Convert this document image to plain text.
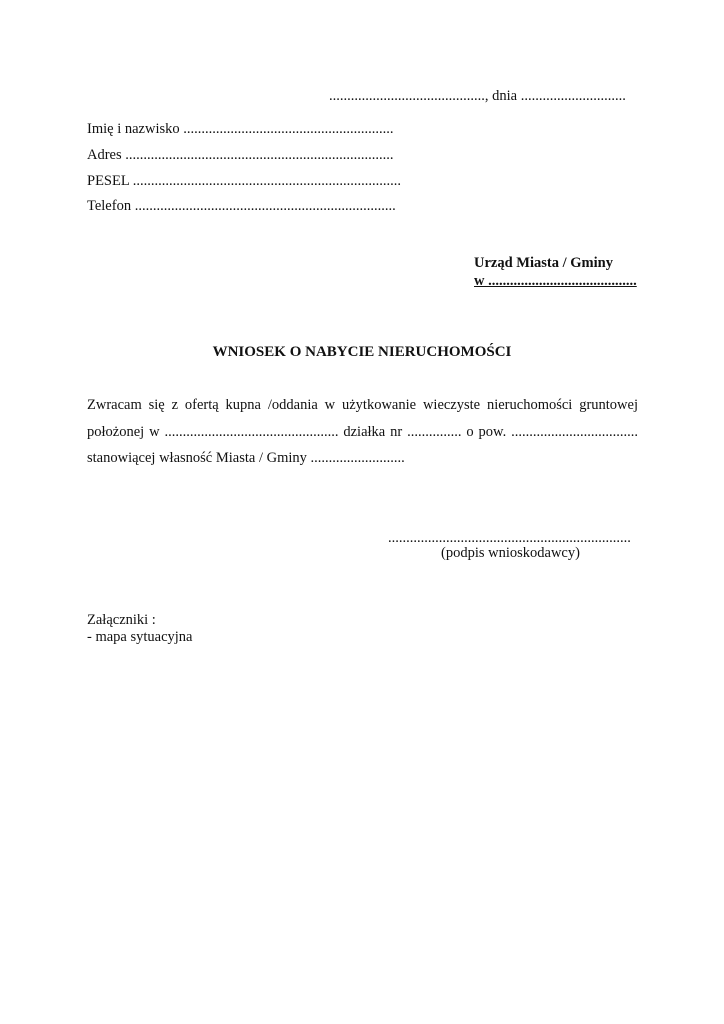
..........................................., dnia .............................
Imię i nazwisko ..........................................................
Adres ..........................................................................
PESEL ..........................................................................
Telefon ........................................................................
Urząd Miasta / Gminy
w .........................................
WNIOSEK O NABYCIE NIERUCHOMOŚCI
Zwracam się z ofertą kupna /oddania w użytkowanie wieczyste nieruchomości gruntowej
położonej w ................................................ działka nr ............... o pow. ...................................
stanowiącej własność Miasta / Gminy ..........................
...................................................................
(podpis wnioskodawcy)
Załączniki :
- mapa sytuacyjna
